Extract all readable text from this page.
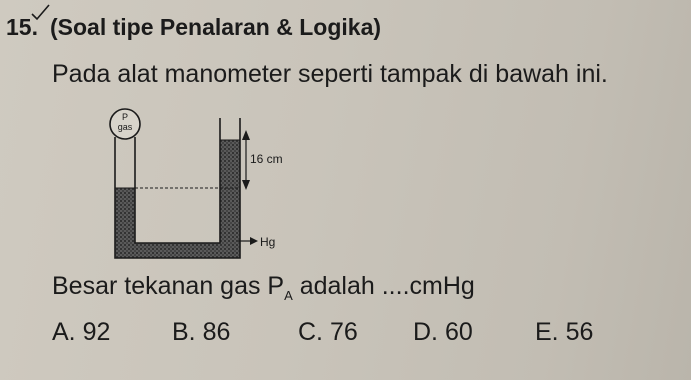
15. (Soal tipe Penalaran & Logika)
Pada alat manometer seperti tampak di bawah ini.
P
gas
16 cm
Hg
Besar tekanan gas $P_A$ adalah ....cmHg
A. 92 B. 86	C. 76 D. 60 E. 56
